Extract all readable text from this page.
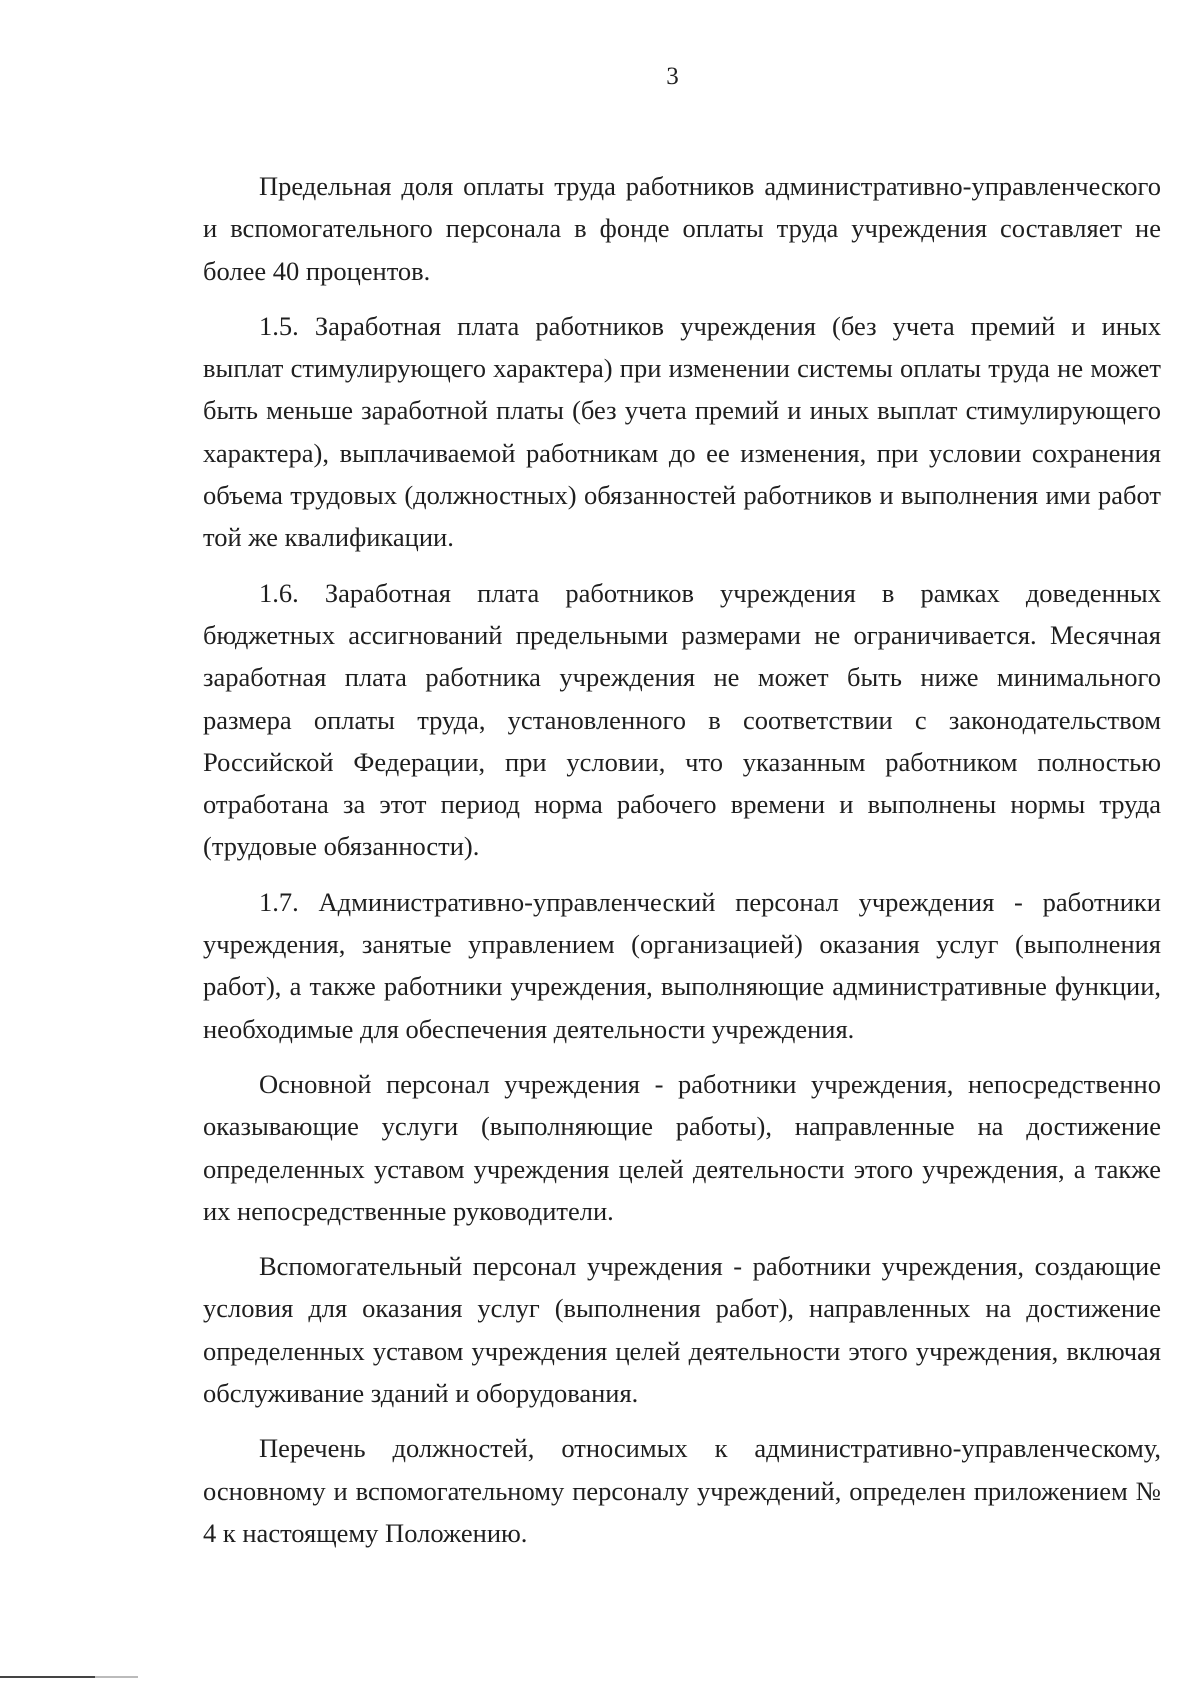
3

Предельная доля оплаты труда работников административно-управленческого и вспомогательного персонала в фонде оплаты труда учреждения составляет не более 40 процентов.

1.5. Заработная плата работников учреждения (без учета премий и иных выплат стимулирующего характера) при изменении системы оплаты труда не может быть меньше заработной платы (без учета премий и иных выплат стимулирующего характера), выплачиваемой работникам до ее изменения, при условии сохранения объема трудовых (должностных) обязанностей работников и выполнения ими работ той же квалификации.

1.6. Заработная плата работников учреждения в рамках доведенных бюджетных ассигнований предельными размерами не ограничивается. Месячная заработная плата работника учреждения не может быть ниже минимального размера оплаты труда, установленного в соответствии с законодательством Российской Федерации, при условии, что указанным работником полностью отработана за этот период норма рабочего времени и выполнены нормы труда (трудовые обязанности).

1.7. Административно-управленческий персонал учреждения - работники учреждения, занятые управлением (организацией) оказания услуг (выполнения работ), а также работники учреждения, выполняющие административные функции, необходимые для обеспечения деятельности учреждения.

Основной персонал учреждения - работники учреждения, непосредственно оказывающие услуги (выполняющие работы), направленные на достижение определенных уставом учреждения целей деятельности этого учреждения, а также их непосредственные руководители.

Вспомогательный персонал учреждения - работники учреждения, создающие условия для оказания услуг (выполнения работ), направленных на достижение определенных уставом учреждения целей деятельности этого учреждения, включая обслуживание зданий и оборудования.

Перечень должностей, относимых к административно-управленческому, основному и вспомогательному персоналу учреждений, определен приложением № 4 к настоящему Положению.
